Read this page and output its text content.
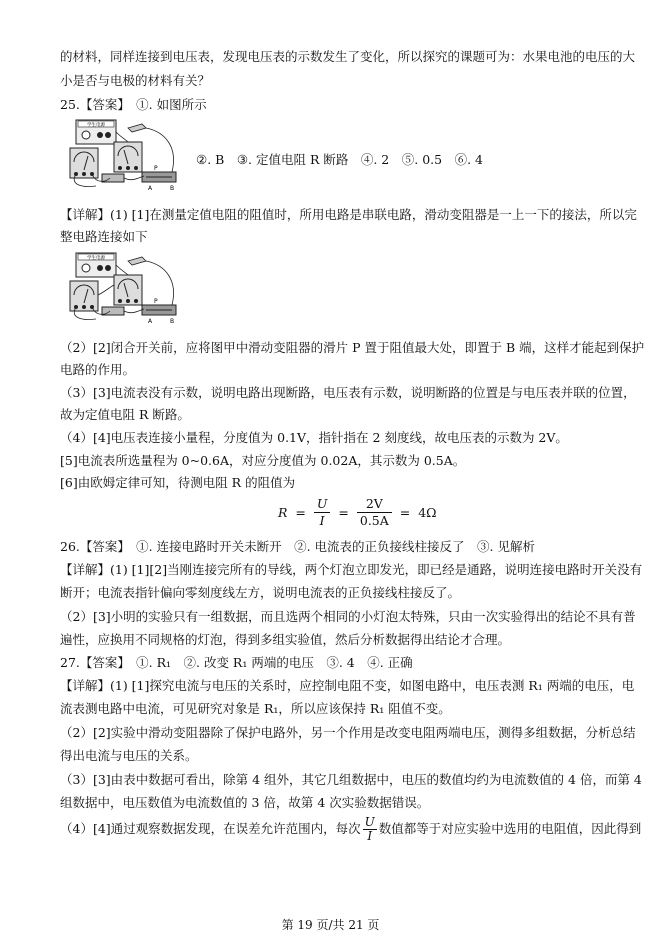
的材料，同样连接到电压表，发现电压表的示数发生了变化，所以探究的课题可为：水果电池的电压的大
小是否与电极的材料有关？
25.【答案】　①. 如图所示
学生电源
P
A	B
②. B　③. 定值电阻 R 断路　④. 2　⑤. 0.5　⑥. 4
【详解】(1) [1]在测量定值电阻的阻值时，所用电路是串联电路，滑动变阻器是一上一下的接法，所以完
整电路连接如下
学生电源
P
A	B
（2）[2]闭合开关前，应将图甲中滑动变阻器的滑片 P 置于阻值最大处，即置于 B 端，这样才能起到保护
电路的作用。
（3）[3]电流表没有示数，说明电路出现断路，电压表有示数，说明断路的位置是与电压表并联的位置，
故为定值电阻 R 断路。
（4）[4]电压表连接小量程，分度值为 0.1V，指针指在 2 刻度线，故电压表的示数为 2V。
[5]电流表所选量程为 0~0.6A，对应分度值为 0.02A，其示数为 0.5A。
[6]由欧姆定律可知，待测电阻 R 的阻值为
$R = \frac{U}{I} = \frac{2V}{0.5A} = 4\Omega$
26.【答案】　①. 连接电路时开关未断开　②. 电流表的正负接线柱接反了　③. 见解析
【详解】(1) [1][2]当刚连接完所有的导线，两个灯泡立即发光，即已经是通路，说明连接电路时开关没有
断开；电流表指针偏向零刻度线左方，说明电流表的正负接线柱接反了。
（2）[3]小明的实验只有一组数据，而且选两个相同的小灯泡太特殊，只由一次实验得出的结论不具有普
遍性，应换用不同规格的灯泡，得到多组实验值，然后分析数据得出结论才合理。
27.【答案】　①. R₁　②. 改变 R₁ 两端的电压　③. 4　④. 正确
【详解】(1) [1]探究电流与电压的关系时，应控制电阻不变，如图电路中，电压表测 R₁ 两端的电压，电
流表测电路中电流，可见研究对象是 R₁，所以应该保持 R₁ 阻值不变。
（2）[2]实验中滑动变阻器除了保护电路外，另一个作用是改变电阻两端电压，测得多组数据，分析总结
得出电流与电压的关系。
（3）[3]由表中数据可看出，除第 4 组外，其它几组数据中，电压的数值均约为电流数值的 4 倍，而第 4
组数据中，电压数值为电流数值的 3 倍，故第 4 次实验数据错误。
（4）[4]通过观察数据发现，在误差允许范围内，每次 $\frac{U}{I}$ 数值都等于对应实验中选用的电阻值，因此得到
第 19 页/共 21 页
